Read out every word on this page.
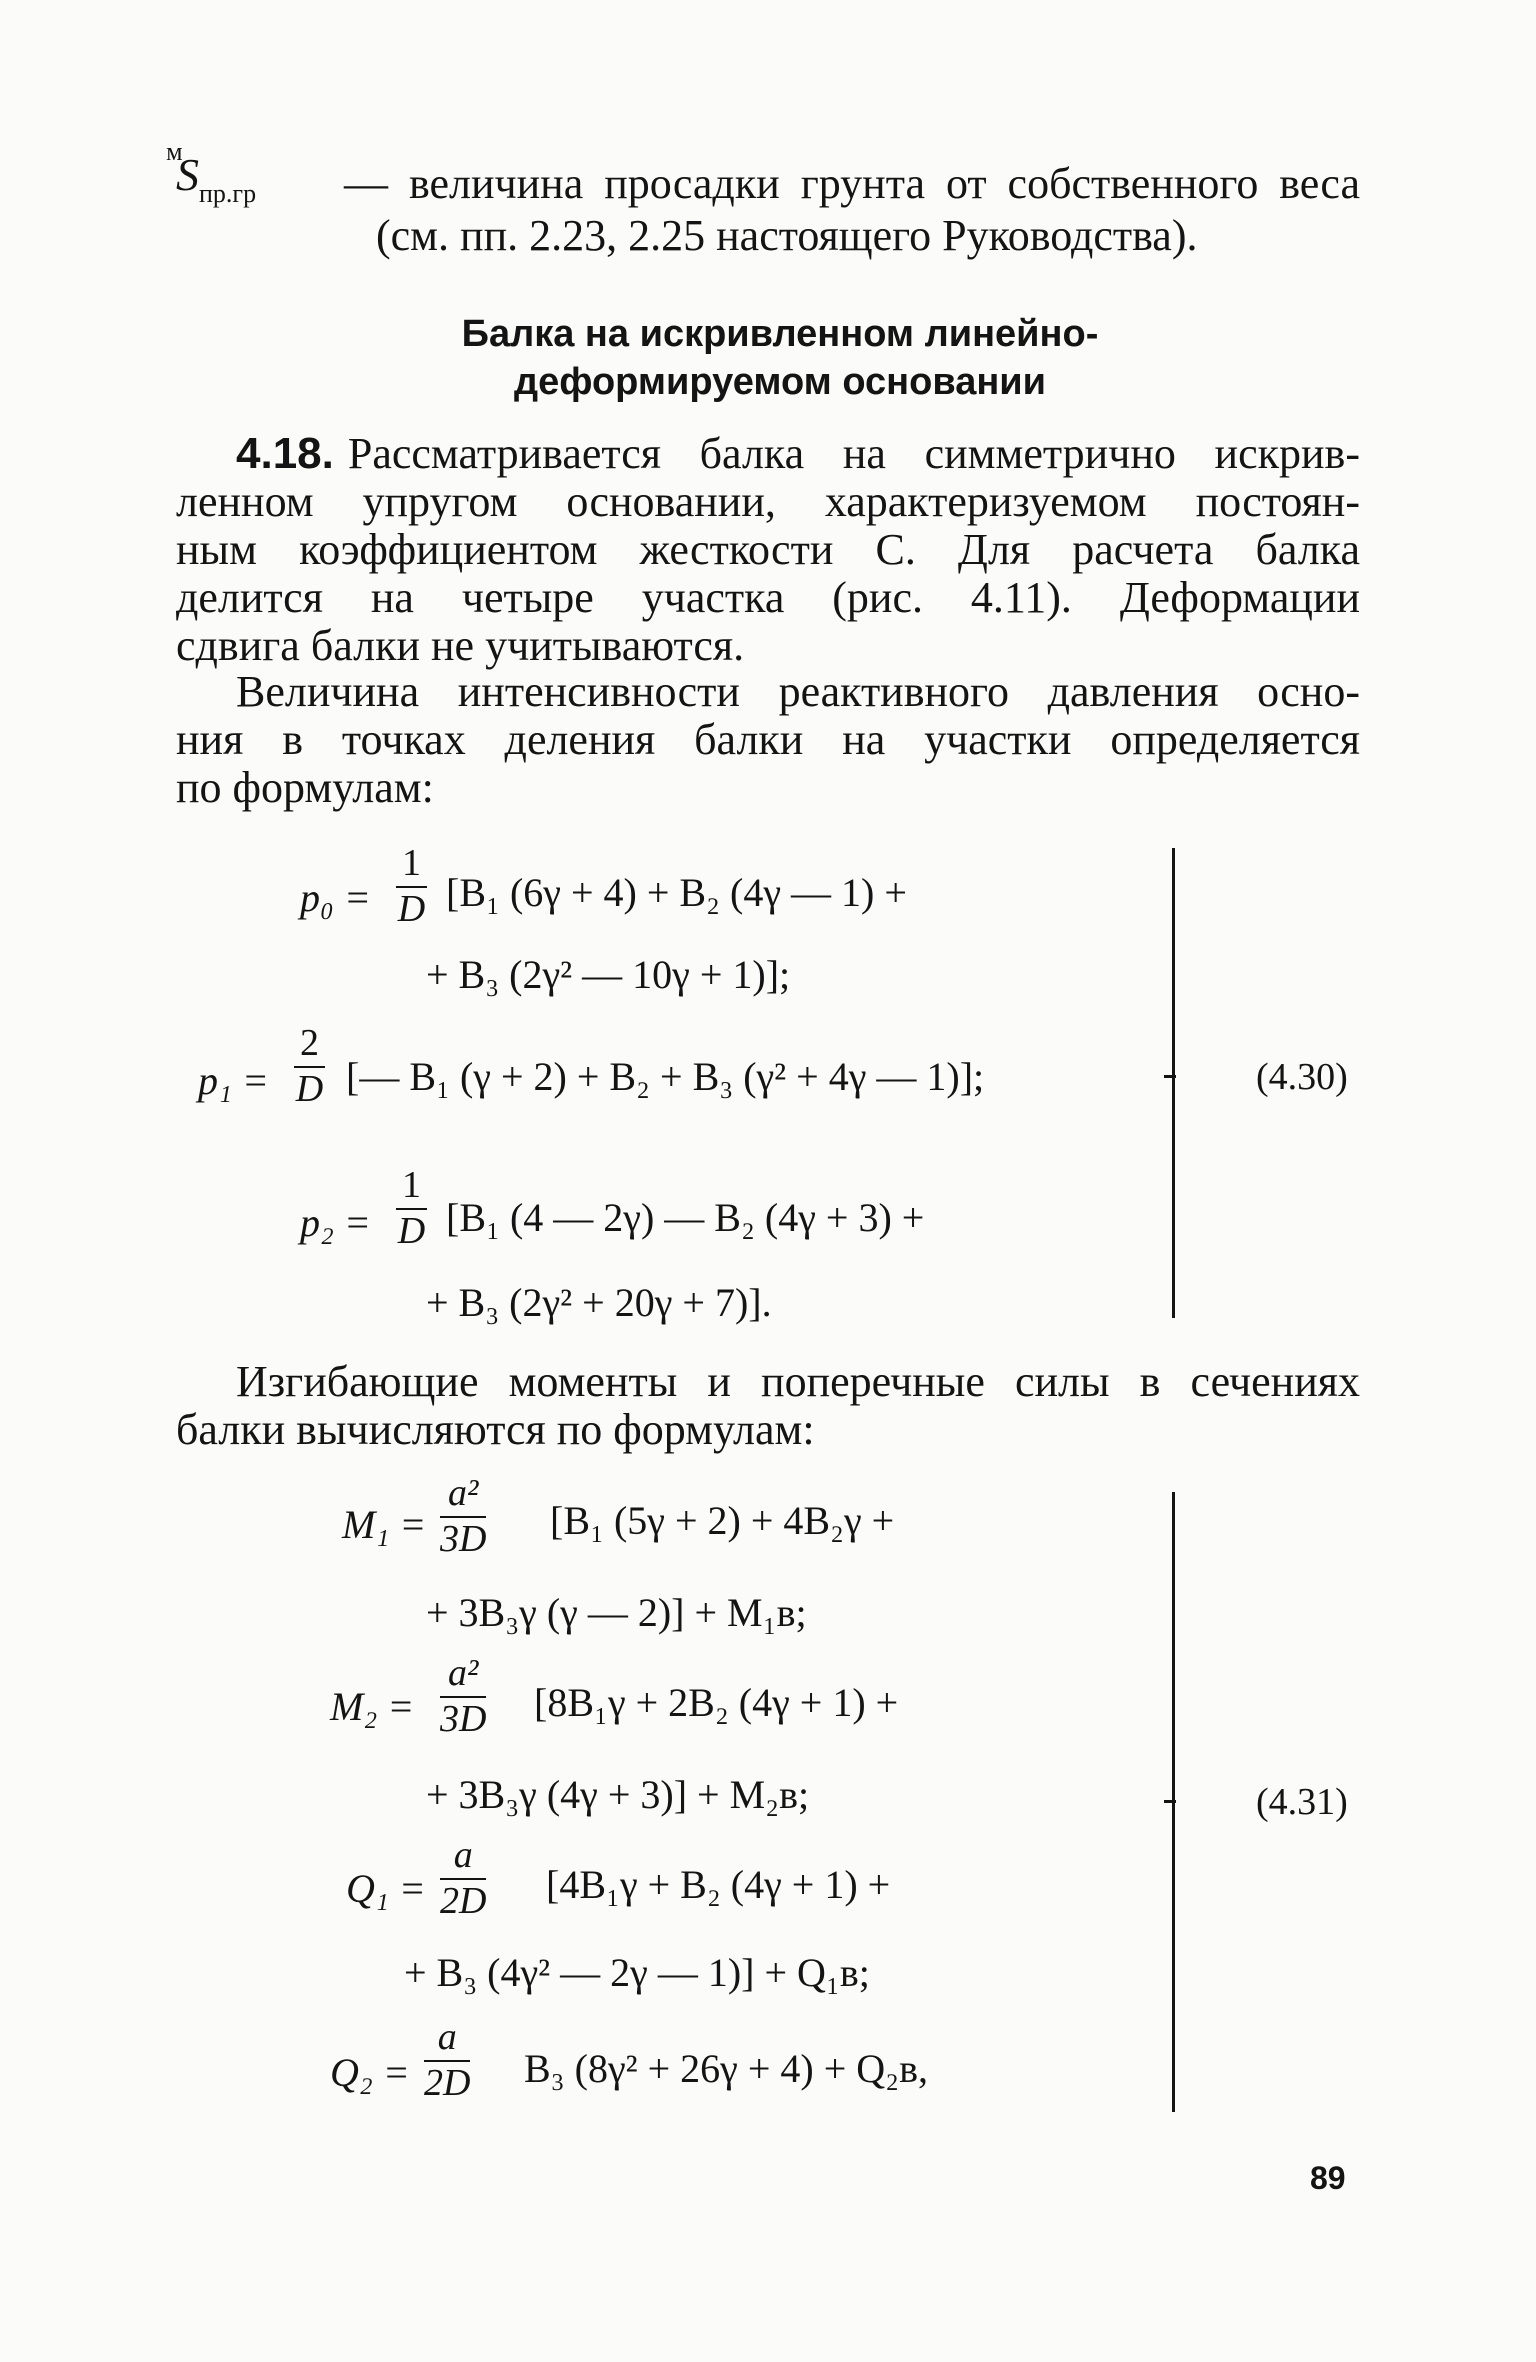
$S_{пр.гр}^м$
— величина просадки грунта от собственного веса
(см. пп. 2.23, 2.25 настоящего Руководства).
Балка на искривленном линейно-
деформируемом основании
4.18. Рассматривается балка на симметрично искрив-
ленном упругом основании, характеризуемом постоян-
ным коэффициентом жесткости C. Для расчета балка
делится на четыре участка (рис. 4.11). Деформации
сдвига балки не учитываются.
Величина интенсивности реактивного давления осно-
ния в точках деления балки на участки определяется
по формулам:
$p_0 = \frac{1}{D} [B_1$ (6γ + 4) + B₂ (4γ — 1) +
+ B₃ (2γ² — 10γ + 1)];
$p_1 = \frac{2}{D}$ [— B₁ (γ + 2) + B₂ + B₃ (γ² + 4γ — 1)];
$p_2 = \frac{1}{D} [B_1$ (4 — 2γ) — B₂ (4γ + 3) +
+ B₃ (2γ² + 20γ + 7)].
(4.30)
Изгибающие моменты и поперечные силы в сечениях
балки вычисляются по формулам:
$M_1 = \frac{\text{a²}}{3D} [B_1$ (5γ + 2) + 4B₂γ +
+ 3B₃γ (γ — 2)] + M₁в;
$M_2 = \frac{\text{a²}}{3D} [8B_1\gamma + 2B_2$ (4γ + 1) +
+ 3B₃γ (4γ + 3)] + M₂в;
$Q_1 = \frac{a}{2D} [4B_1\gamma + B_2$ (4γ + 1) +
+ B₃ (4γ² — 2γ — 1)] + Q₁в;
$Q_2 = \frac{a}{2D} B_3$ (8γ² + 26γ + 4) + Q₂в,
(4.31)
89
